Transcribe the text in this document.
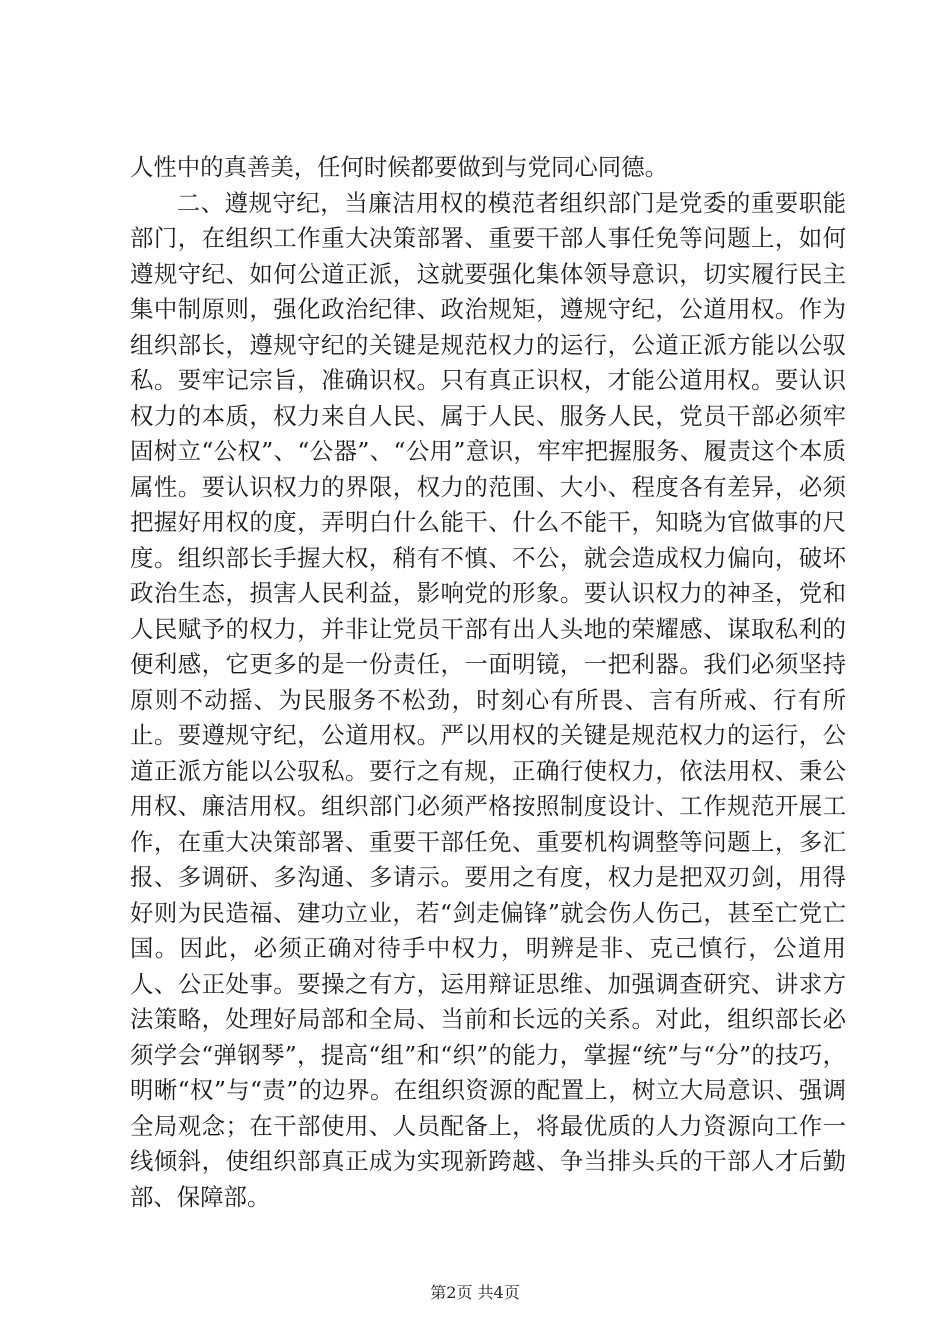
人性中的真善美，任何时候都要做到与党同心同德。

二、遵规守纪，当廉洁用权的模范者组织部门是党委的重要职能部门，在组织工作重大决策部署、重要干部人事任免等问题上，如何遵规守纪、如何公道正派，这就要强化集体领导意识，切实履行民主集中制原则，强化政治纪律、政治规矩，遵规守纪，公道用权。作为组织部长，遵规守纪的关键是规范权力的运行，公道正派方能以公驭私。要牢记宗旨，准确识权。只有真正识权，才能公道用权。要认识权力的本质，权力来自人民、属于人民、服务人民，党员干部必须牢固树立“公权”、“公器”、“公用”意识，牢牢把握服务、履责这个本质属性。要认识权力的界限，权力的范围、大小、程度各有差异，必须把握好用权的度，弄明白什么能干、什么不能干，知晓为官做事的尺度。组织部长手握大权，稍有不慎、不公，就会造成权力偏向，破坏政治生态，损害人民利益，影响党的形象。要认识权力的神圣，党和人民赋予的权力，并非让党员干部有出人头地的荣耀感、谋取私利的便利感，它更多的是一份责任，一面明镜，一把利器。我们必须坚持原则不动摇、为民服务不松劲，时刻心有所畏、言有所戒、行有所止。要遵规守纪，公道用权。严以用权的关键是规范权力的运行，公道正派方能以公驭私。要行之有规，正确行使权力，依法用权、秉公用权、廉洁用权。组织部门必须严格按照制度设计、工作规范开展工作，在重大决策部署、重要干部任免、重要机构调整等问题上，多汇报、多调研、多沟通、多请示。要用之有度，权力是把双刃剑，用得好则为民造福、建功立业，若“剑走偏锋”就会伤人伤己，甚至亡党亡国。因此，必须正确对待手中权力，明辨是非、克己慎行，公道用人、公正处事。要操之有方，运用辩证思维、加强调查研究、讲求方法策略，处理好局部和全局、当前和长远的关系。对此，组织部长必须学会“弹钢琴”，提高“组”和“织”的能力，掌握“统”与“分”的技巧，明晰“权”与“责”的边界。在组织资源的配置上，树立大局意识、强调全局观念；在干部使用、人员配备上，将最优质的人力资源向工作一线倾斜，使组织部真正成为实现新跨越、争当排头兵的干部人才后勤部、保障部。

第2页 共4页
